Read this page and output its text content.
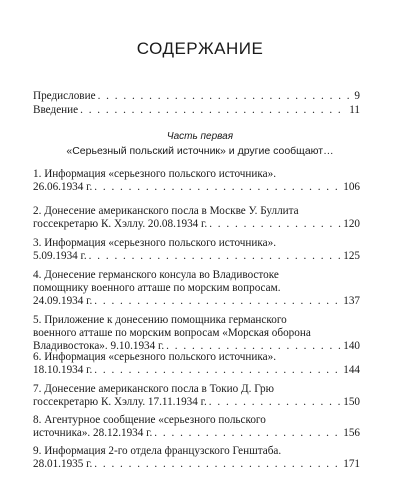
СОДЕРЖАНИЕ
Предисловие . . .	9
Введение . . .	11
Часть первая
«Серьезный польский источник» и другие сообщают…
1. Информация «серьезного польского источника».
26.06.1934 г. . . .	106
2. Донесение американского посла в Москве У. Буллита
госсекретарю К. Хэллу. 20.08.1934 г. . . .	120
3. Информация «серьезного польского источника».
5.09.1934 г. . . .	125
4. Донесение германского консула во Владивостоке
помощнику военного атташе по морским вопросам.
24.09.1934 г. . . .	137
5. Приложение к донесению помощника германского
военного атташе по морским вопросам «Морская оборона
Владивостока». 9.10.1934 г. . . .	140
6. Информация «серьезного польского источника».
18.10.1934 г. . . .	144
7. Донесение американского посла в Токио Д. Грю
госсекретарю К. Хэллу. 17.11.1934 г. . . .	150
8. Агентурное сообщение «серьезного польского
источника». 28.12.1934 г. . . .	156
9. Информация 2-го отдела французского Генштаба.
28.01.1935 г. . . .	171
